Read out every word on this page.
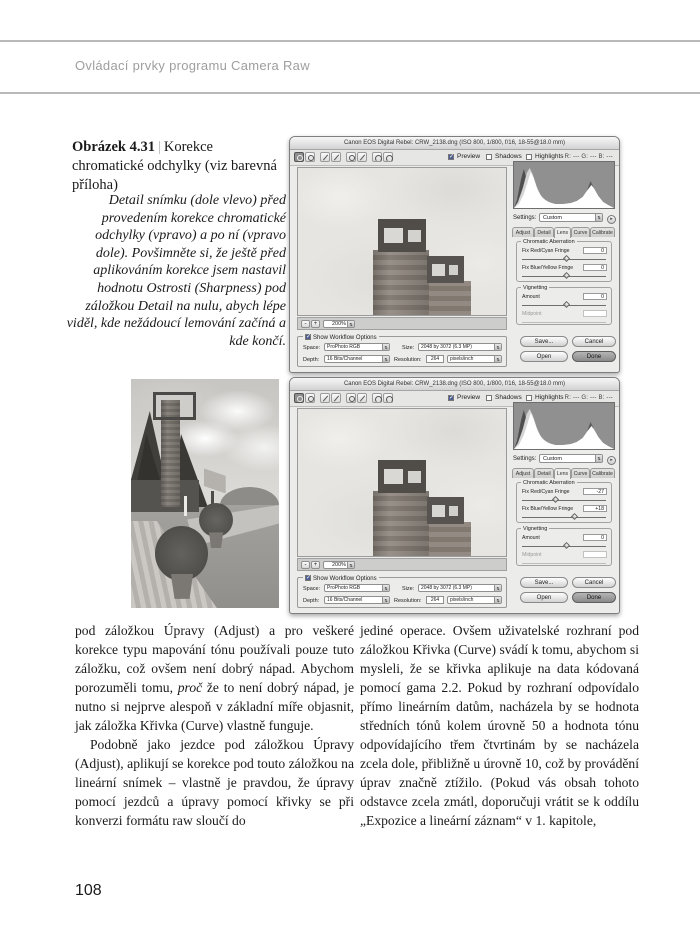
Ovládací prvky programu Camera Raw
Obrázek 4.31 | Korekce chromatické odchylky (viz barevná příloha)
Detail snímku (dole vlevo) před provedením korekce chromatické odchylky (vpravo) a po ní (vpravo dole). Povšimněte si, že ještě před aplikováním korekce jsem nastavil hodnotu Ostrosti (Sharpness) pod záložkou Detail na nulu, abych lépe viděl, kde nežádoucí lemování začíná a kde končí.
Canon EOS Digital Rebel: CRW_2138.dng (ISO 800, 1/800, f/16, 18-55@18.0 mm)
✓
Preview Shadows Highlights R: --- G: --- B: ---
-	+	200% ⇅
✓Show Workflow Options
Space:	ProPhoto RGB	⇅	Size:	2048 by 3072 (6.3 MP)	⇅
Depth:	16 Bits/Channel	⇅ Resolution:	264	pixels/inch	⇅
Settings:	Custom	⇅	▸
Adjust	Detail	Lens	Curve Calibrate
Chromatic Aberration
Fix Red/Cyan Fringe	0
Fix Blue/Yellow Fringe	0
Vignetting
Amount	0
Midpoint
Save...	Cancel
Open	Done
Canon EOS Digital Rebel: CRW_2138.dng (ISO 800, 1/800, f/16, 18-55@18.0 mm)
✓
Preview Shadows Highlights R: --- G: --- B: ---
-	+	200% ⇅
✓Show Workflow Options
Space:	ProPhoto RGB	⇅	Size:	2048 by 3072 (6.3 MP)	⇅
Depth:	16 Bits/Channel	⇅ Resolution:	264	pixels/inch	⇅
Settings:	Custom	⇅	▸
Adjust	Detail	Lens	Curve Calibrate
Chromatic Aberration
Fix Red/Cyan Fringe	-27
Fix Blue/Yellow Fringe	+18
Vignetting
Amount	0
Midpoint
Save...	Cancel
Open	Done

pod záložkou Úpravy (Adjust) a pro veškeré korekce typu mapování tónu používali pouze tuto záložku, což ovšem není dobrý nápad. Abychom porozuměli tomu, proč že to není dobrý nápad, je nutno si nejprve alespoň v základní míře objasnit, jak záložka Křivka (Curve) vlastně funguje.

Podobně jako jezdce pod záložkou Úpravy (Adjust), aplikují se korekce pod touto záložkou na lineární snímek – vlastně je pravdou, že úpravy pomocí jezdců a úpravy pomocí křivky se při konverzi formátu raw sloučí do

jediné operace. Ovšem uživatelské rozhraní pod záložkou Křivka (Curve) svádí k tomu, abychom si mysleli, že se křivka aplikuje na data kódovaná pomocí gama 2.2. Pokud by rozhraní odpovídalo přímo lineárním datům, nacházela by se hodnota středních tónů kolem úrovně 50 a hodnota tónu odpovídajícího třem čtvrtinám by se nacházela zcela dole, přibližně u úrovně 10, což by provádění úprav značně ztížilo. (Pokud vás obsah tohoto odstavce zcela zmátl, doporučuji vrátit se k oddílu „Expozice a lineární záznam“ v 1. kapitole,

108
